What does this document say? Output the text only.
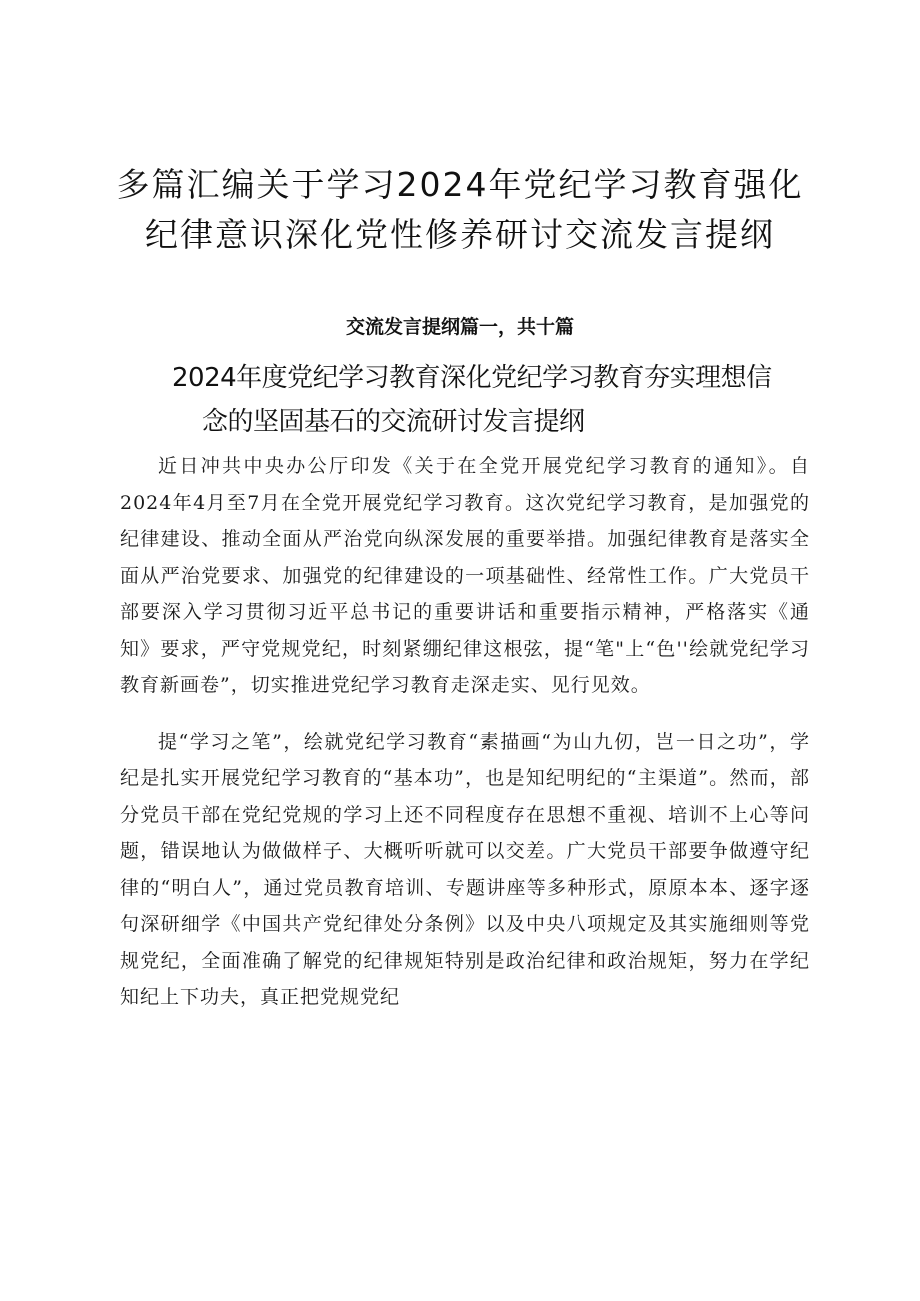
多篇汇编关于学习2024年党纪学习教育强化
纪律意识深化党性修养研讨交流发言提纲
交流发言提纲篇一，共十篇
2024年度党纪学习教育深化党纪学习教育夯实理想信
念的坚固基石的交流研讨发言提纲

近日冲共中央办公厅印发《关于在全党开展党纪学习教育的通知》。自2024年4月至7月在全党开展党纪学习教育。这次党纪学习教育，是加强党的纪律建设、推动全面从严治党向纵深发展的重要举措。加强纪律教育是落实全面从严治党要求、加强党的纪律建设的一项基础性、经常性工作。广大党员干部要深入学习贯彻习近平总书记的重要讲话和重要指示精神，严格落实《通知》要求，严守党规党纪，时刻紧绷纪律这根弦，提“笔"上“色''绘就党纪学习教育新画卷”，切实推进党纪学习教育走深走实、见行见效。

提“学习之笔”，绘就党纪学习教育“素描画“为山九仞，岂一日之功”，学纪是扎实开展党纪学习教育的“基本功”，也是知纪明纪的“主渠道”。然而，部分党员干部在党纪党规的学习上还不同程度存在思想不重视、培训不上心等问题，错误地认为做做样子、大概听听就可以交差。广大党员干部要争做遵守纪律的“明白人”，通过党员教育培训、专题讲座等多种形式，原原本本、逐字逐句深研细学《中国共产党纪律处分条例》以及中央八项规定及其实施细则等党规党纪，全面准确了解党的纪律规矩特别是政治纪律和政治规矩，努力在学纪知纪上下功夫，真正把党规党纪
